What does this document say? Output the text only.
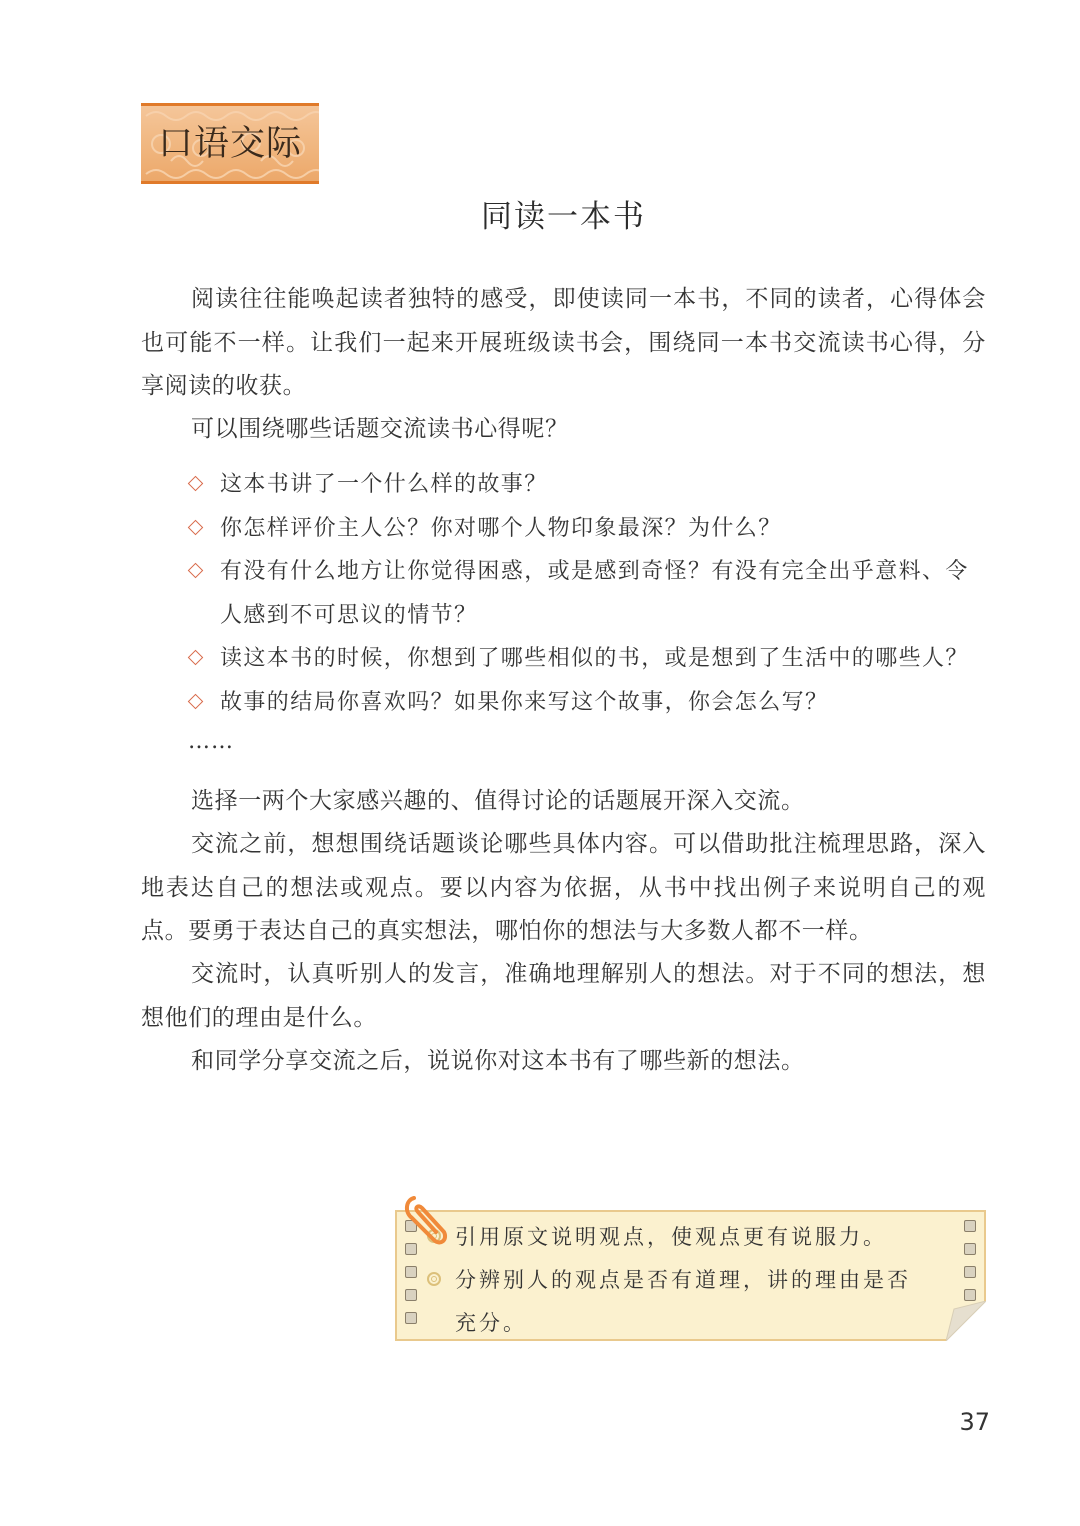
口语交际
同读一本书
阅读往往能唤起读者独特的感受，即使读同一本书，不同的读者，心得体会也可能不一样。让我们一起来开展班级读书会，围绕同一本书交流读书心得，分享阅读的收获。
可以围绕哪些话题交流读书心得呢？
这本书讲了一个什么样的故事？
你怎样评价主人公？你对哪个人物印象最深？为什么？
有没有什么地方让你觉得困惑，或是感到奇怪？有没有完全出乎意料、令人感到不可思议的情节？
读这本书的时候，你想到了哪些相似的书，或是想到了生活中的哪些人？
故事的结局你喜欢吗？如果你来写这个故事，你会怎么写？
……
选择一两个大家感兴趣的、值得讨论的话题展开深入交流。
交流之前，想想围绕话题谈论哪些具体内容。可以借助批注梳理思路，深入地表达自己的想法或观点。要以内容为依据，从书中找出例子来说明自己的观点。要勇于表达自己的真实想法，哪怕你的想法与大多数人都不一样。
交流时，认真听别人的发言，准确地理解别人的想法。对于不同的想法，想想他们的理由是什么。
和同学分享交流之后，说说你对这本书有了哪些新的想法。
引用原文说明观点，使观点更有说服力。
分辨别人的观点是否有道理，讲的理由是否充分。
37
